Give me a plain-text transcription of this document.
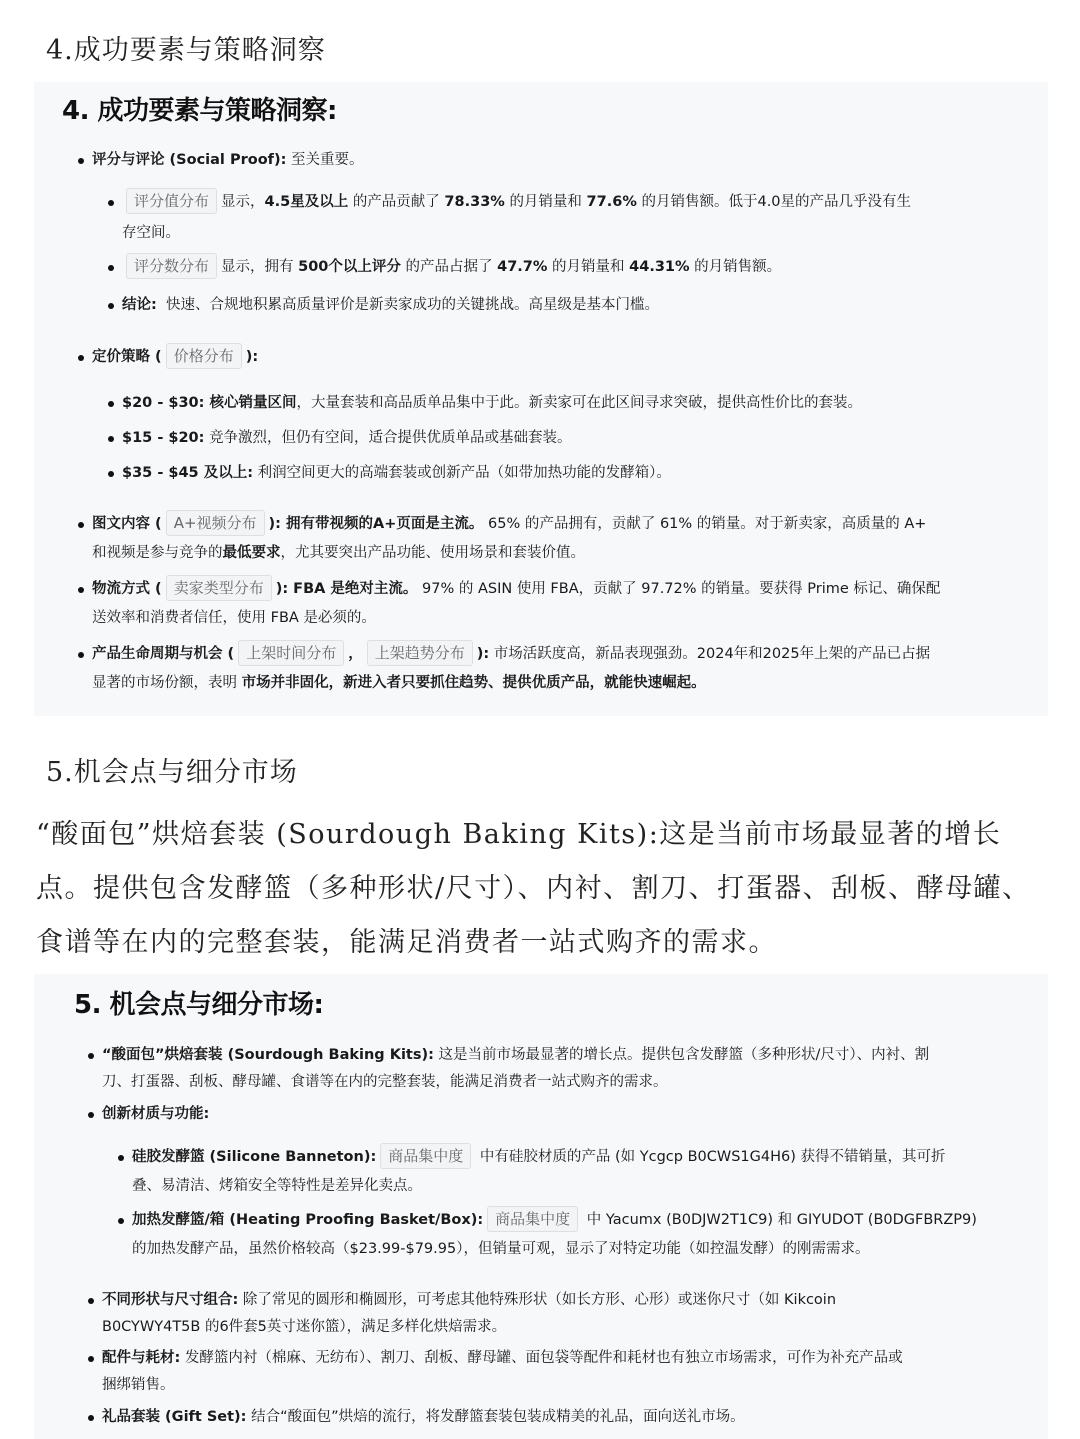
4.成功要素与策略洞察
4. 成功要素与策略洞察:
评分与评论 (Social Proof): 至关重要。
评分值分布 显示，4.5星及以上 的产品贡献了 78.33% 的月销量和 77.6% 的月销售额。低于4.0星的产品几乎没有生
存空间。
评分数分布 显示，拥有 500个以上评分 的产品占据了 47.7% 的月销量和 44.31% 的月销售额。
结论: 快速、合规地积累高质量评价是新卖家成功的关键挑战。高星级是基本门槛。
定价策略 ( 价格分布 ):
$20 - $30: 核心销量区间，大量套装和高品质单品集中于此。新卖家可在此区间寻求突破，提供高性价比的套装。
$15 - $20: 竞争激烈，但仍有空间，适合提供优质单品或基础套装。
$35 - $45 及以上: 利润空间更大的高端套装或创新产品（如带加热功能的发酵箱）。
图文内容 ( A+视频分布 ): 拥有带视频的A+页面是主流。 65% 的产品拥有，贡献了 61% 的销量。对于新卖家，高质量的 A+
和视频是参与竞争的最低要求，尤其要突出产品功能、使用场景和套装价值。
物流方式 ( 卖家类型分布 ): FBA 是绝对主流。 97% 的 ASIN 使用 FBA，贡献了 97.72% 的销量。要获得 Prime 标记、确保配
送效率和消费者信任，使用 FBA 是必须的。
产品生命周期与机会 ( 上架时间分布 ， 上架趋势分布 ): 市场活跃度高，新品表现强劲。2024年和2025年上架的产品已占据
显著的市场份额，表明 市场并非固化，新进入者只要抓住趋势、提供优质产品，就能快速崛起。
5.机会点与细分市场
“酸面包”烘焙套装 (Sourdough Baking Kits):这是当前市场最显著的增长点。提供包含发酵篮（多种形状/尺寸）、内衬、割刀、打蛋器、刮板、酵母罐、食谱等在内的完整套装，能满足消费者一站式购齐的需求。
5. 机会点与细分市场:
“酸面包”烘焙套装 (Sourdough Baking Kits): 这是当前市场最显著的增长点。提供包含发酵篮（多种形状/尺寸）、内衬、割
刀、打蛋器、刮板、酵母罐、食谱等在内的完整套装，能满足消费者一站式购齐的需求。
创新材质与功能:
硅胶发酵篮 (Silicone Banneton): 商品集中度 中有硅胶材质的产品 (如 Ycgcp B0CWS1G4H6) 获得不错销量，其可折
叠、易清洁、烤箱安全等特性是差异化卖点。
加热发酵篮/箱 (Heating Proofing Basket/Box): 商品集中度 中 Yacumx (B0DJW2T1C9) 和 GIYUDOT (B0DGFBRZP9)
的加热发酵产品，虽然价格较高（$23.99-$79.95），但销量可观，显示了对特定功能（如控温发酵）的刚需需求。
不同形状与尺寸组合: 除了常见的圆形和椭圆形，可考虑其他特殊形状（如长方形、心形）或迷你尺寸（如 Kikcoin
B0CYWY4T5B 的6件套5英寸迷你篮），满足多样化烘焙需求。
配件与耗材: 发酵篮内衬（棉麻、无纺布）、割刀、刮板、酵母罐、面包袋等配件和耗材也有独立市场需求，可作为补充产品或
捆绑销售。
礼品套装 (Gift Set): 结合“酸面包”烘焙的流行，将发酵篮套装包装成精美的礼品，面向送礼市场。
